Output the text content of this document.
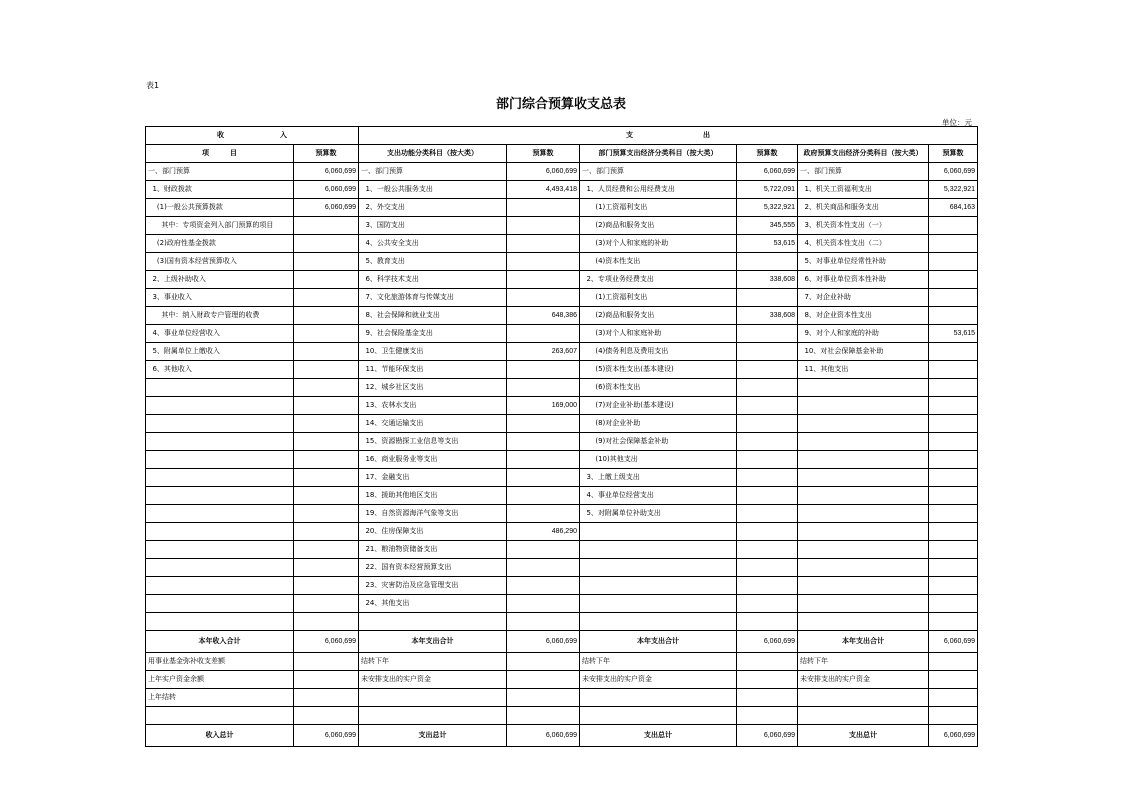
表1
部门综合预算收支总表
单位：元
收　　　　　　　　入		支　　　　　　　　　　出					
项　　　目	预算数	支出功能分类科目（按大类）	预算数	部门预算支出经济分类科目（按大类）	预算数	政府预算支出经济分类科目（按大类）	预算数
一、部门预算	6,060,699	一、部门预算	6,060,699	一、部门预算	6,060,699	一、部门预算	6,060,699
1、财政拨款	6,060,699	1、一般公共服务支出	4,493,418	1、人员经费和公用经费支出	5,722,091	1、机关工资福利支出	5,322,921
(1)一般公共预算拨款	6,060,699	2、外交支出		(1)工资福利支出	5,322,921	2、机关商品和服务支出	684,163
其中：专项资金列入部门预算的项目		3、国防支出		(2)商品和服务支出	345,555	3、机关资本性支出（一）	
(2)政府性基金拨款		4、公共安全支出		(3)对个人和家庭的补助	53,615	4、机关资本性支出（二）	
(3)国有资本经营预算收入		5、教育支出		(4)资本性支出		5、对事业单位经常性补助	
2、上级补助收入		6、科学技术支出		2、专项业务经费支出	338,608	6、对事业单位资本性补助	
3、事业收入		7、文化旅游体育与传媒支出		(1)工资福利支出		7、对企业补助	
其中：纳入财政专户管理的收费		8、社会保障和就业支出	648,386	(2)商品和服务支出	338,608	8、对企业资本性支出	
4、事业单位经营收入		9、社会保险基金支出		(3)对个人和家庭补助		9、对个人和家庭的补助	53,615
5、附属单位上缴收入		10、卫生健康支出	263,607	(4)债务利息及费用支出		10、对社会保障基金补助	
6、其他收入		11、节能环保支出		(5)资本性支出(基本建设)		11、其他支出	
		12、城乡社区支出		(6)资本性支出			
		13、农林水支出	169,000	(7)对企业补助(基本建设)			
		14、交通运输支出		(8)对企业补助			
		15、资源勘探工业信息等支出		(9)对社会保障基金补助			
		16、商业服务业等支出		(10)其他支出			
		17、金融支出		3、上缴上级支出			
		18、援助其他地区支出		4、事业单位经营支出			
		19、自然资源海洋气象等支出		5、对附属单位补助支出			
		20、住房保障支出	486,290				
		21、粮油物资储备支出					
		22、国有资本经营预算支出					
		23、灾害防治及应急管理支出					
		24、其他支出					

本年收入合计	6,060,699	本年支出合计	6,060,699	本年支出合计	6,060,699	本年支出合计	6,060,699
用事业基金弥补收支差额		结转下年		结转下年		结转下年	
上年实户资金余额		未安排支出的实户资金		未安排支出的实户资金		未安排支出的实户资金	
上年结转							

收入总计	6,060,699	支出总计	6,060,699	支出总计	6,060,699	支出总计	6,060,699
